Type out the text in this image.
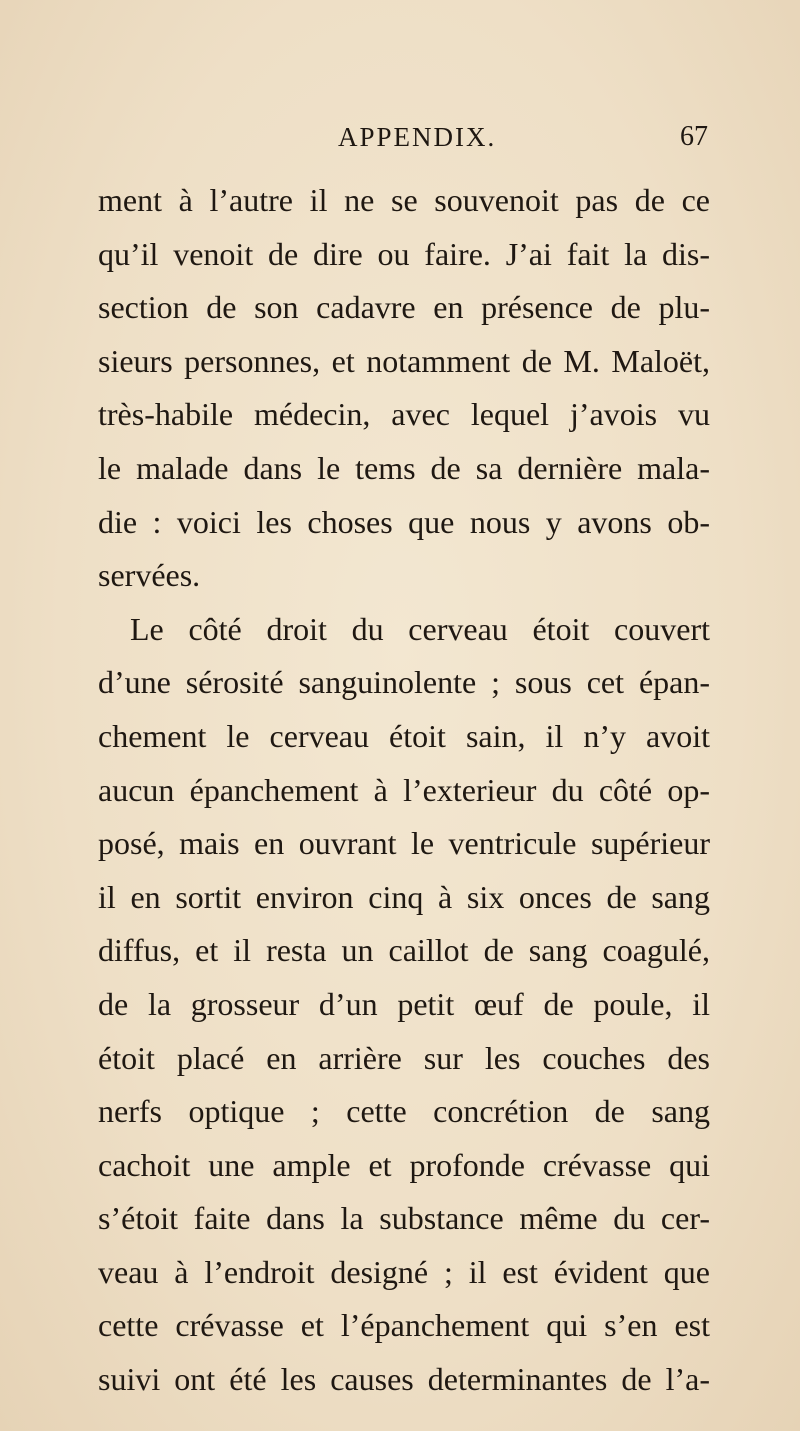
APPENDIX.	67
ment à l’autre il ne se souvenoit pas de ce
qu’il venoit de dire ou faire. J’ai fait la dis-
section de son cadavre en présence de plu-
sieurs personnes, et notamment de M. Maloët,
très-habile médecin, avec lequel j’avois vu
le malade dans le tems de sa dernière mala-
die : voici les choses que nous y avons ob-
servées.
Le côté droit du cerveau étoit couvert
d’une sérosité sanguinolente ; sous cet épan-
chement le cerveau étoit sain, il n’y avoit
aucun épanchement à l’exterieur du côté op-
posé, mais en ouvrant le ventricule supérieur
il en sortit environ cinq à six onces de sang
diffus, et il resta un caillot de sang coagulé,
de la grosseur d’un petit œuf de poule, il
étoit placé en arrière sur les couches des
nerfs optique ; cette concrétion de sang
cachoit une ample et profonde crévasse qui
s’étoit faite dans la substance même du cer-
veau à l’endroit designé ; il est évident que
cette crévasse et l’épanchement qui s’en est
suivi ont été les causes determinantes de l’a-
